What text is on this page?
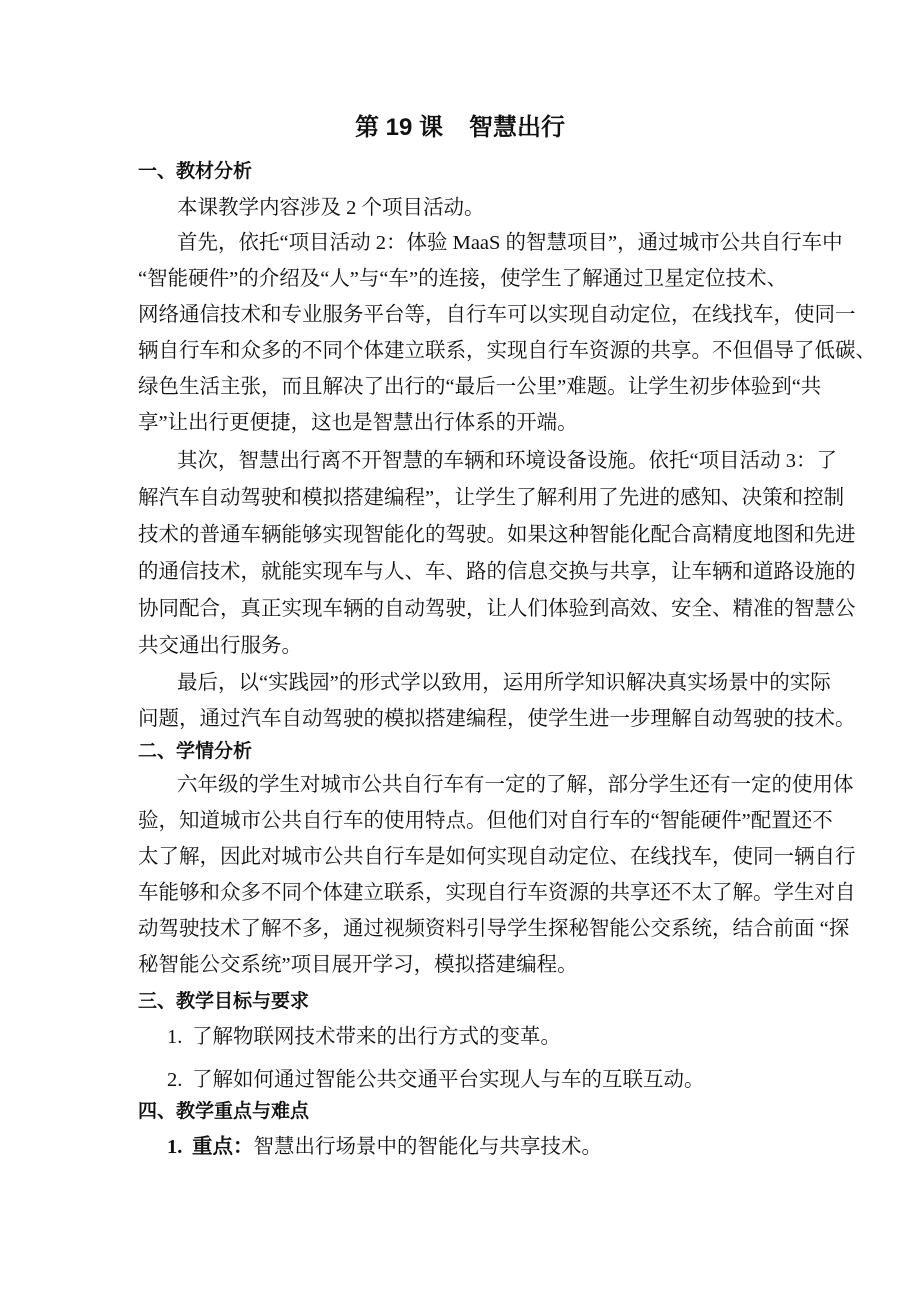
第 19 课 智慧出行
一、教材分析
本课教学内容涉及 2 个项目活动。
首先，依托“项目活动 2：体验 MaaS 的智慧项目”，通过城市公共自行车中
“智能硬件”的介绍及“人”与“车”的连接，使学生了解通过卫星定位技术、
网络通信技术和专业服务平台等，自行车可以实现自动定位，在线找车，使同一
辆自行车和众多的不同个体建立联系，实现自行车资源的共享。不但倡导了低碳、
绿色生活主张，而且解决了出行的“最后一公里”难题。让学生初步体验到“共
享”让出行更便捷，这也是智慧出行体系的开端。
其次，智慧出行离不开智慧的车辆和环境设备设施。依托“项目活动 3：了
解汽车自动驾驶和模拟搭建编程”，让学生了解利用了先进的感知、决策和控制
技术的普通车辆能够实现智能化的驾驶。如果这种智能化配合高精度地图和先进
的通信技术，就能实现车与人、车、路的信息交换与共享，让车辆和道路设施的
协同配合，真正实现车辆的自动驾驶，让人们体验到高效、安全、精准的智慧公
共交通出行服务。
最后，以“实践园”的形式学以致用，运用所学知识解决真实场景中的实际
问题，通过汽车自动驾驶的模拟搭建编程，使学生进一步理解自动驾驶的技术。
二、学情分析
六年级的学生对城市公共自行车有一定的了解，部分学生还有一定的使用体
验，知道城市公共自行车的使用特点。但他们对自行车的“智能硬件”配置还不
太了解，因此对城市公共自行车是如何实现自动定位、在线找车，使同一辆自行
车能够和众多不同个体建立联系，实现自行车资源的共享还不太了解。学生对自
动驾驶技术了解不多，通过视频资料引导学生探秘智能公交系统，结合前面 “探
秘智能公交系统”项目展开学习，模拟搭建编程。
三、教学目标与要求
1. 了解物联网技术带来的出行方式的变革。
2. 了解如何通过智能公共交通平台实现人与车的互联互动。
四、教学重点与难点
1. 重点：智慧出行场景中的智能化与共享技术。
